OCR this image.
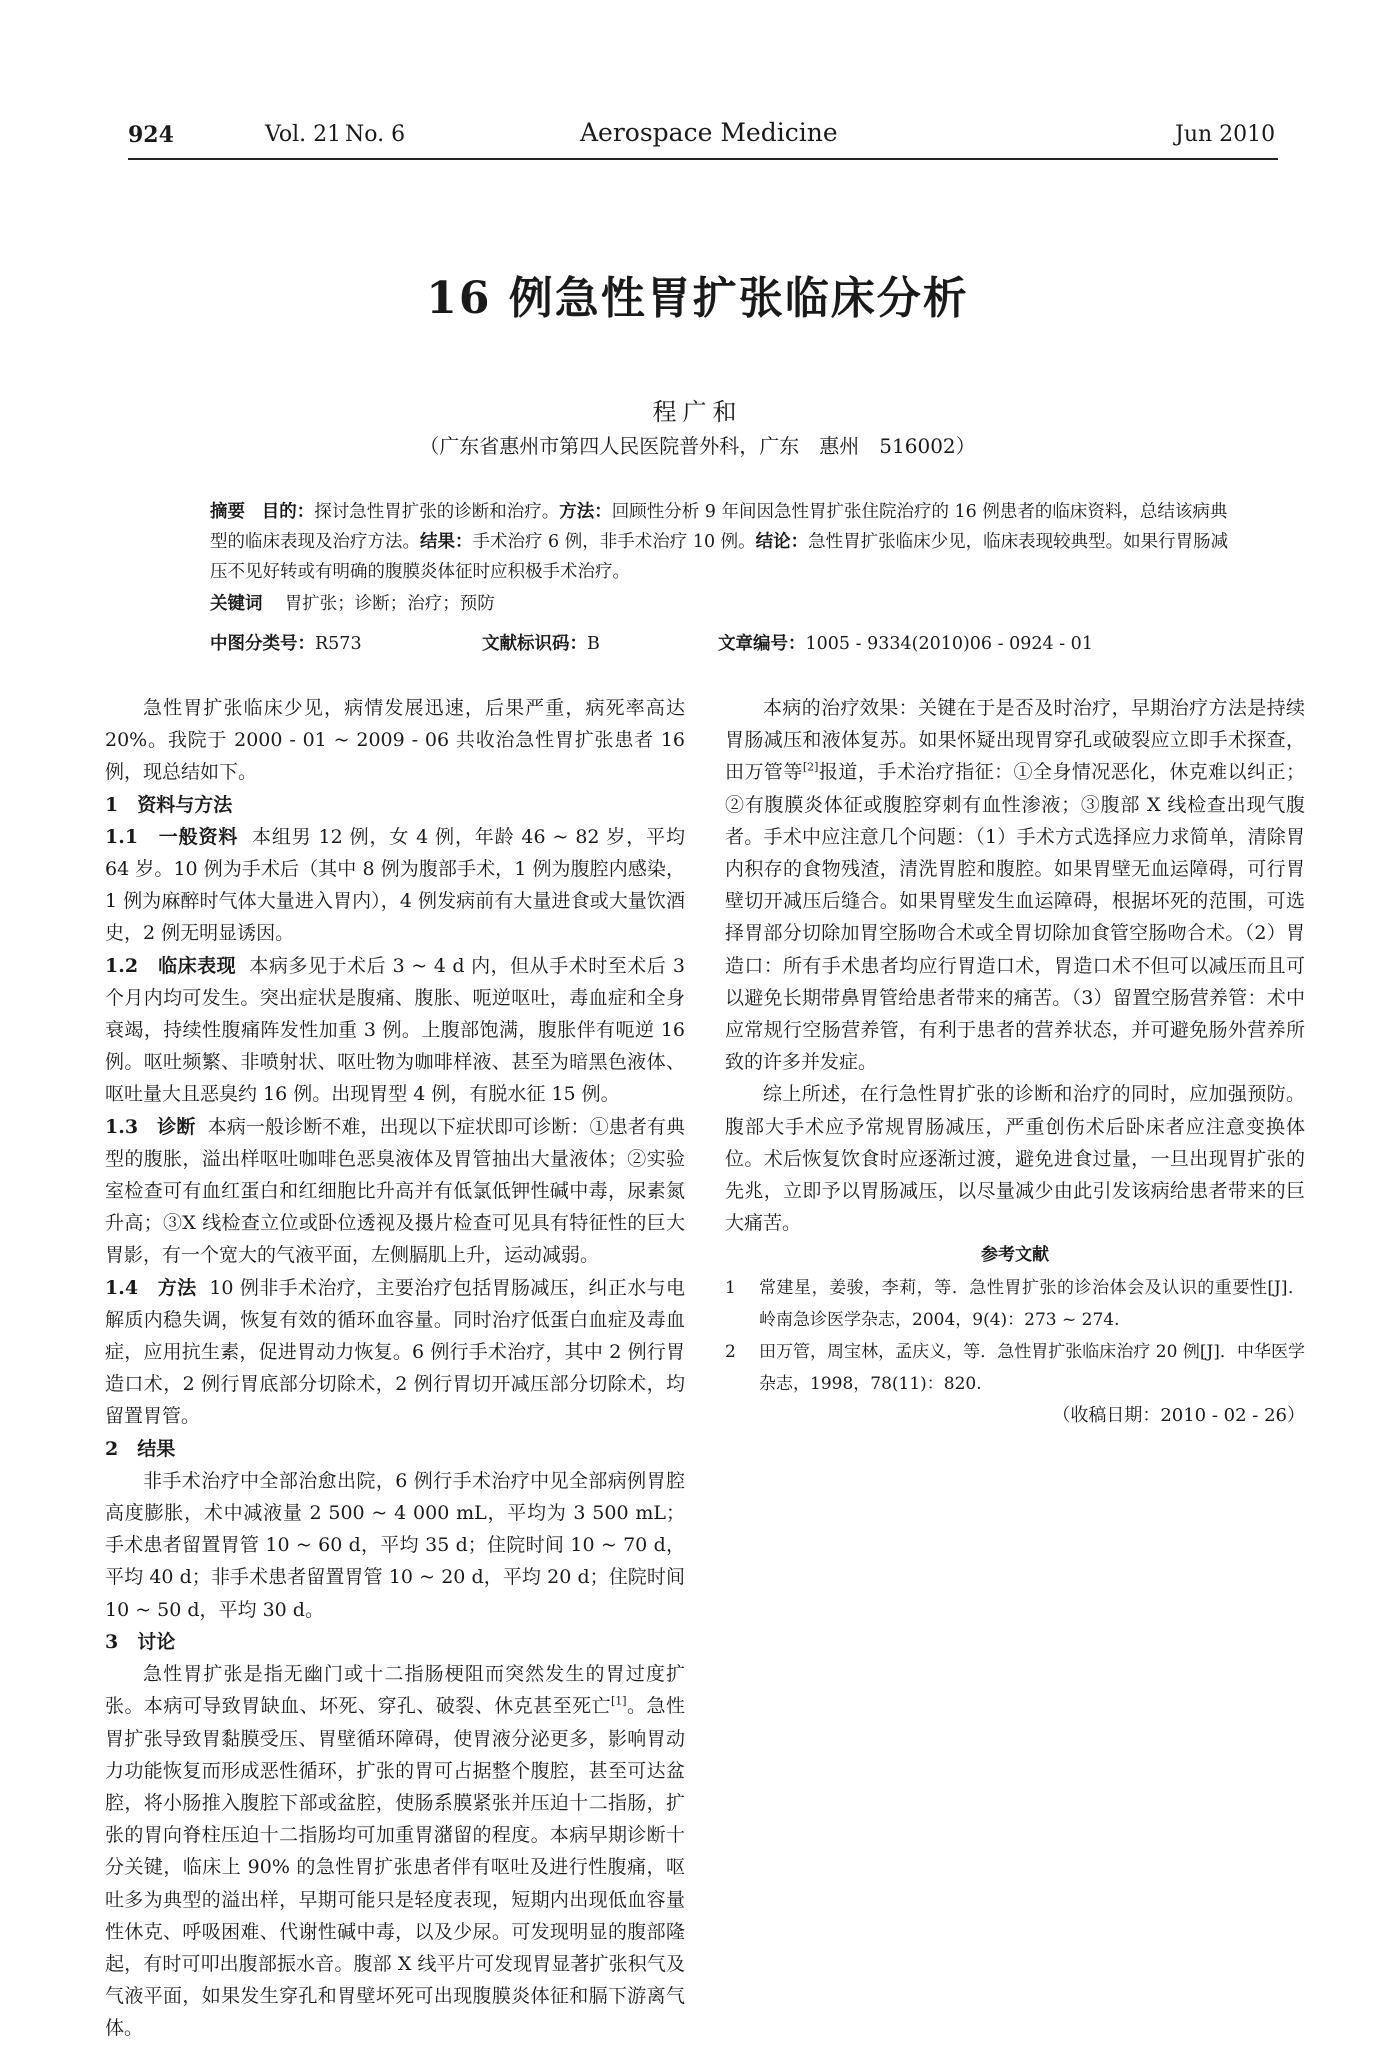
924	Vol. 21 No. 6	Aerospace Medicine	Jun 2010
16 例急性胃扩张临床分析
程广和
（广东省惠州市第四人民医院普外科，广东　惠州　516002）
摘要 目的：探讨急性胃扩张的诊断和治疗。方法：回顾性分析 9 年间因急性胃扩张住院治疗的 16 例患者的临床资料，总结该病典型的临床表现及治疗方法。结果：手术治疗 6 例，非手术治疗 10 例。结论：急性胃扩张临床少见，临床表现较典型。如果行胃肠减压不见好转或有明确的腹膜炎体征时应积极手术治疗。
关键词 胃扩张；诊断；治疗；预防
中图分类号：R573	文献标识码：B	文章编号：1005 - 9334(2010)06 - 0924 - 01

急性胃扩张临床少见，病情发展迅速，后果严重，病死率高达 20%。我院于 2000 - 01 ~ 2009 - 06 共收治急性胃扩张患者 16 例，现总结如下。

1　资料与方法

1.1　一般资料 本组男 12 例，女 4 例，年龄 46 ~ 82 岁，平均 64 岁。10 例为手术后（其中 8 例为腹部手术，1 例为腹腔内感染，1 例为麻醉时气体大量进入胃内），4 例发病前有大量进食或大量饮酒史，2 例无明显诱因。

1.2　临床表现 本病多见于术后 3 ~ 4 d 内，但从手术时至术后 3 个月内均可发生。突出症状是腹痛、腹胀、呃逆呕吐，毒血症和全身衰竭，持续性腹痛阵发性加重 3 例。上腹部饱满，腹胀伴有呃逆 16 例。呕吐频繁、非喷射状、呕吐物为咖啡样液、甚至为暗黑色液体、呕吐量大且恶臭约 16 例。出现胃型 4 例，有脱水征 15 例。

1.3　诊断 本病一般诊断不难，出现以下症状即可诊断：①患者有典型的腹胀，溢出样呕吐咖啡色恶臭液体及胃管抽出大量液体；②实验室检查可有血红蛋白和红细胞比升高并有低氯低钾性碱中毒，尿素氮升高；③X 线检查立位或卧位透视及摄片检查可见具有特征性的巨大胃影，有一个宽大的气液平面，左侧膈肌上升，运动减弱。

1.4　方法 10 例非手术治疗，主要治疗包括胃肠减压，纠正水与电解质内稳失调，恢复有效的循环血容量。同时治疗低蛋白血症及毒血症，应用抗生素，促进胃动力恢复。6 例行手术治疗，其中 2 例行胃造口术，2 例行胃底部分切除术，2 例行胃切开减压部分切除术，均留置胃管。

2　结果

非手术治疗中全部治愈出院，6 例行手术治疗中见全部病例胃腔高度膨胀，术中减液量 2 500 ~ 4 000 mL，平均为 3 500 mL；手术患者留置胃管 10 ~ 60 d，平均 35 d；住院时间 10 ~ 70 d，平均 40 d；非手术患者留置胃管 10 ~ 20 d，平均 20 d；住院时间 10 ~ 50 d，平均 30 d。

3　讨论

急性胃扩张是指无幽门或十二指肠梗阻而突然发生的胃过度扩张。本病可导致胃缺血、坏死、穿孔、破裂、休克甚至死亡[1]。急性胃扩张导致胃黏膜受压、胃壁循环障碍，使胃液分泌更多，影响胃动力功能恢复而形成恶性循环，扩张的胃可占据整个腹腔，甚至可达盆腔，将小肠推入腹腔下部或盆腔，使肠系膜紧张并压迫十二指肠，扩张的胃向脊柱压迫十二指肠均可加重胃潴留的程度。本病早期诊断十分关键，临床上 90% 的急性胃扩张患者伴有呕吐及进行性腹痛，呕吐多为典型的溢出样，早期可能只是轻度表现，短期内出现低血容量性休克、呼吸困难、代谢性碱中毒，以及少尿。可发现明显的腹部隆起，有时可叩出腹部振水音。腹部 X 线平片可发现胃显著扩张积气及气液平面，如果发生穿孔和胃壁坏死可出现腹膜炎体征和膈下游离气体。

本病的治疗效果：关键在于是否及时治疗，早期治疗方法是持续胃肠减压和液体复苏。如果怀疑出现胃穿孔或破裂应立即手术探查，田万管等[2]报道，手术治疗指征：①全身情况恶化，休克难以纠正；②有腹膜炎体征或腹腔穿刺有血性渗液；③腹部 X 线检查出现气腹者。手术中应注意几个问题：（1）手术方式选择应力求简单，清除胃内积存的食物残渣，清洗胃腔和腹腔。如果胃壁无血运障碍，可行胃壁切开减压后缝合。如果胃壁发生血运障碍，根据坏死的范围，可选择胃部分切除加胃空肠吻合术或全胃切除加食管空肠吻合术。（2）胃造口：所有手术患者均应行胃造口术，胃造口术不但可以减压而且可以避免长期带鼻胃管给患者带来的痛苦。（3）留置空肠营养管：术中应常规行空肠营养管，有利于患者的营养状态，并可避免肠外营养所致的许多并发症。

综上所述，在行急性胃扩张的诊断和治疗的同时，应加强预防。腹部大手术应予常规胃肠减压，严重创伤术后卧床者应注意变换体位。术后恢复饮食时应逐渐过渡，避免进食过量，一旦出现胃扩张的先兆，立即予以胃肠减压，以尽量减少由此引发该病给患者带来的巨大痛苦。

参考文献

1	常建星，姜骏，李莉，等．急性胃扩张的诊治体会及认识的重要性[J]．岭南急诊医学杂志，2004，9(4)：273 ~ 274.
2	田万管，周宝林，孟庆义，等．急性胃扩张临床治疗 20 例[J]．中华医学杂志，1998，78(11)：820.

（收稿日期：2010 - 02 - 26）
